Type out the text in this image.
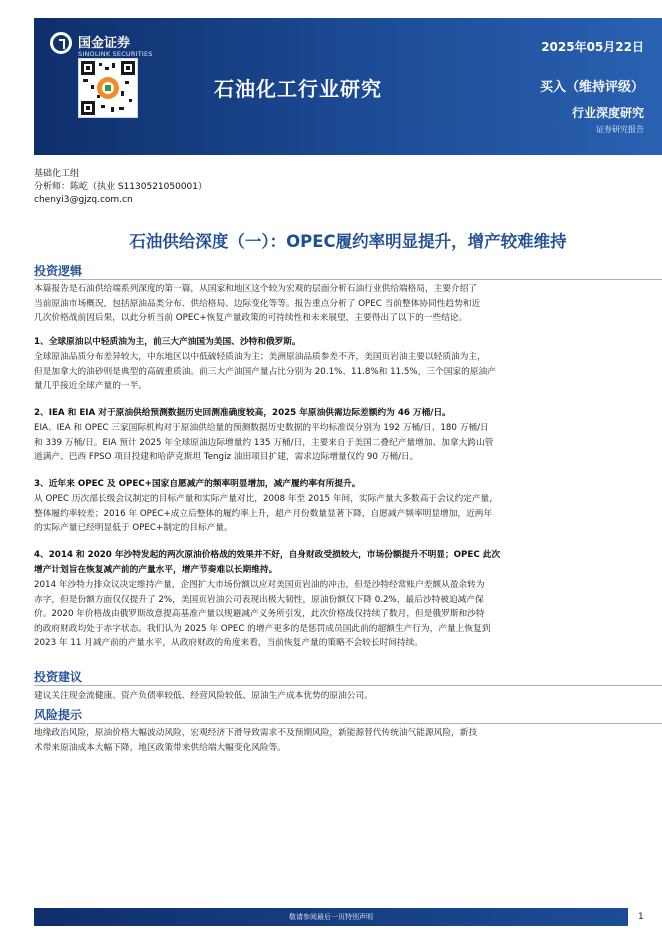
国金证券
SINOLINK SECURITIES	2025年05月22日
石油化工行业研究	买入（维持评级）
行业深度研究
证券研究报告
基础化工组
分析师：陈屹（执业 S1130521050001）
chenyi3@gjzq.com.cn
石油供给深度（一）：OPEC履约率明显提升，增产较难维持
投资逻辑
本篇报告是石油供给端系列深度的第一篇，从国家和地区这个较为宏观的层面分析石油行业供给端格局，主要介绍了
当前原油市场概况，包括原油品类分布、供给格局、边际变化等等。报告重点分析了 OPEC 当前整体协同性趋势和近
几次价格战前因后果，以此分析当前 OPEC+恢复产量政策的可持续性和未来展望，主要得出了以下的一些结论。
1、全球原油以中轻质油为主，前三大产油国为美国、沙特和俄罗斯。
全球原油品质分布差异较大，中东地区以中低硫轻质油为主；美洲原油品质参差不齐，美国页岩油主要以轻质油为主，
但是加拿大的油砂则是典型的高硫重质油。前三大产油国产量占比分别为 20.1%、11.8%和 11.5%，三个国家的原油产
量几乎接近全球产量的一半。
2、IEA 和 EIA 对于原油供给预测数据历史回测准确度较高，2025 年原油供需边际差额约为 46 万桶/日。
EIA、IEA 和 OPEC 三家国际机构对于原油供给量的预测数据历史数据的平均标准误分别为 192 万桶/日、180 万桶/日
和 339 万桶/日。EIA 预计 2025 年全球原油边际增量约 135 万桶/日，主要来自于美国二叠纪产量增加、加拿大跨山管
道满产、巴西 FPSO 项目投建和哈萨克斯坦 Tengiz 油田项目扩建，需求边际增量仅约 90 万桶/日。
3、近年来 OPEC 及 OPEC+国家自愿减产的频率明显增加，减产履约率有所提升。
从 OPEC 历次部长级会议制定的目标产量和实际产量对比，2008 年至 2015 年间，实际产量大多数高于会议约定产量，
整体履约率较差；2016 年 OPEC+成立后整体的履约率上升，超产月份数量显著下降，自愿减产频率明显增加，近两年
的实际产量已经明显低于 OPEC+制定的目标产量。
4、2014 和 2020 年沙特发起的两次原油价格战的效果并不好，自身财政受损较大，市场份额提升不明显；OPEC 此次
增产计划旨在恢复减产前的产量水平，增产节奏难以长期维持。
2014 年沙特力排众议决定维持产量，企图扩大市场份额以应对美国页岩油的冲击，但是沙特经常账户差额从盈余转为
赤字，但是份额方面仅仅提升了 2%，美国页岩油公司表现出极大韧性，原油份额仅下降 0.2%，最后沙特被迫减产保
价。2020 年价格战由俄罗斯故意提高基准产量以规避减产义务所引发，此次价格战仅持续了数月，但是俄罗斯和沙特
的政府财政均处于赤字状态。我们认为 2025 年 OPEC 的增产更多的是惩罚成员国此前的超额生产行为，产量上恢复到
2023 年 11 月减产前的产量水平，从政府财政的角度来看，当前恢复产量的策略不会较长时间持续。
投资建议
建议关注现金流健康、资产负债率较低、经营风险较低、原油生产成本优势的原油公司。
风险提示
地缘政治风险，原油价格大幅波动风险，宏观经济下滑导致需求不及预期风险，新能源替代传统油气能源风险，新技
术带来原油成本大幅下降，地区政策带来供给端大幅变化风险等。
敬请参阅最后一页特别声明	1
